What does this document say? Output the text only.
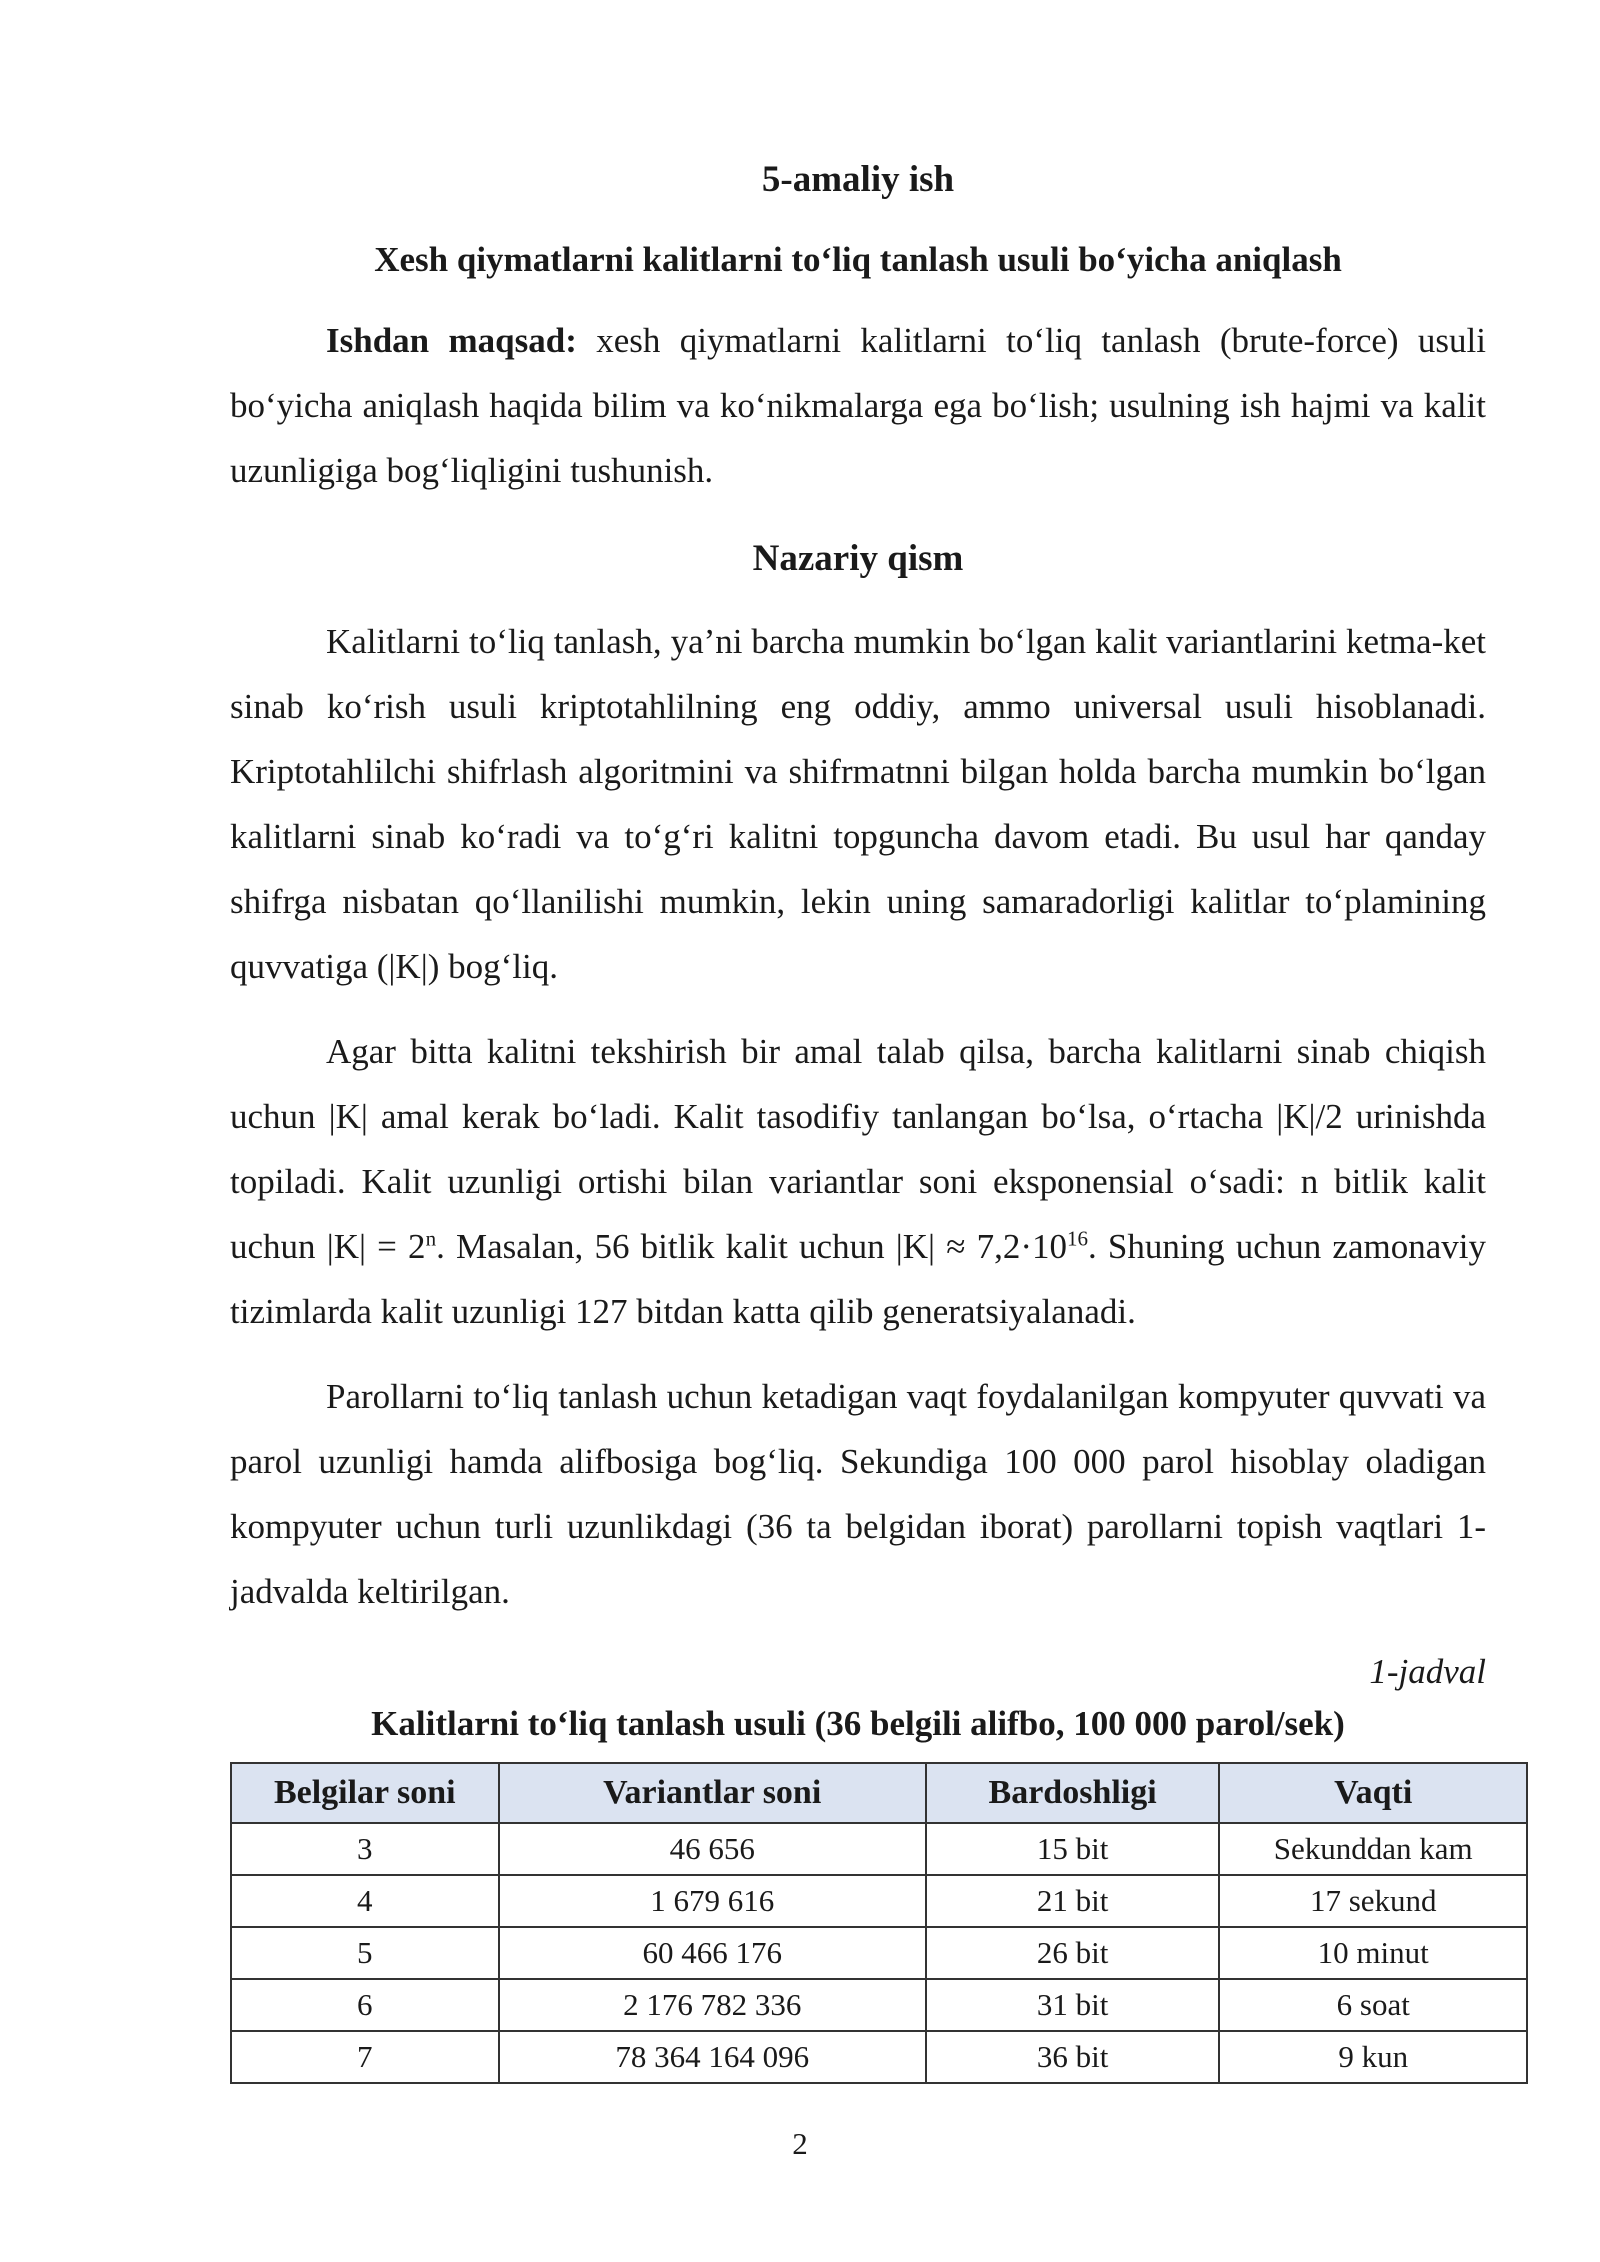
5-amaliy ish
Xesh qiymatlarni kalitlarni to‘liq tanlash usuli bo‘yicha aniqlash

Ishdan maqsad: xesh qiymatlarni kalitlarni to‘liq tanlash (brute-force) usuli bo‘yicha aniqlash haqida bilim va ko‘nikmalarga ega bo‘lish; usulning ish hajmi va kalit uzunligiga bog‘liqligini tushunish.

Nazariy qism

Kalitlarni to‘liq tanlash, ya’ni barcha mumkin bo‘lgan kalit variantlarini ketma-ket sinab ko‘rish usuli kriptotahlilning eng oddiy, ammo universal usuli hisoblanadi. Kriptotahlilchi shifrlash algoritmini va shifrmatnni bilgan holda barcha mumkin bo‘lgan kalitlarni sinab ko‘radi va to‘g‘ri kalitni topguncha davom etadi. Bu usul har qanday shifrga nisbatan qo‘llanilishi mumkin, lekin uning samaradorligi kalitlar to‘plamining quvvatiga (|K|) bog‘liq.

Agar bitta kalitni tekshirish bir amal talab qilsa, barcha kalitlarni sinab chiqish uchun |K| amal kerak bo‘ladi. Kalit tasodifiy tanlangan bo‘lsa, o‘rtacha |K|/2 urinishda topiladi. Kalit uzunligi ortishi bilan variantlar soni eksponensial o‘sadi: n bitlik kalit uchun $|K| = 2^n$. Masalan, 56 bitlik kalit uchun $|K| \approx 7,2\cdot 10^{16}$. Shuning uchun zamonaviy tizimlarda kalit uzunligi 127 bitdan katta qilib generatsiyalanadi.

Parollarni to‘liq tanlash uchun ketadigan vaqt foydalanilgan kompyuter quvvati va parol uzunligi hamda alifbosiga bog‘liq. Sekundiga 100 000 parol hisoblay oladigan kompyuter uchun turli uzunlikdagi (36 ta belgidan iborat) parollarni topish vaqtlari 1-jadvalda keltirilgan.

1-jadval
Kalitlarni to‘liq tanlash usuli (36 belgili alifbo, 100 000 parol/sek)
Belgilar soni	Variantlar soni	Bardoshligi	Vaqti
3	46 656	15 bit	Sekunddan kam
4	1 679 616	21 bit	17 sekund
5	60 466 176	26 bit	10 minut
6	2 176 782 336	31 bit	6 soat
7	78 364 164 096	36 bit	9 kun
2
